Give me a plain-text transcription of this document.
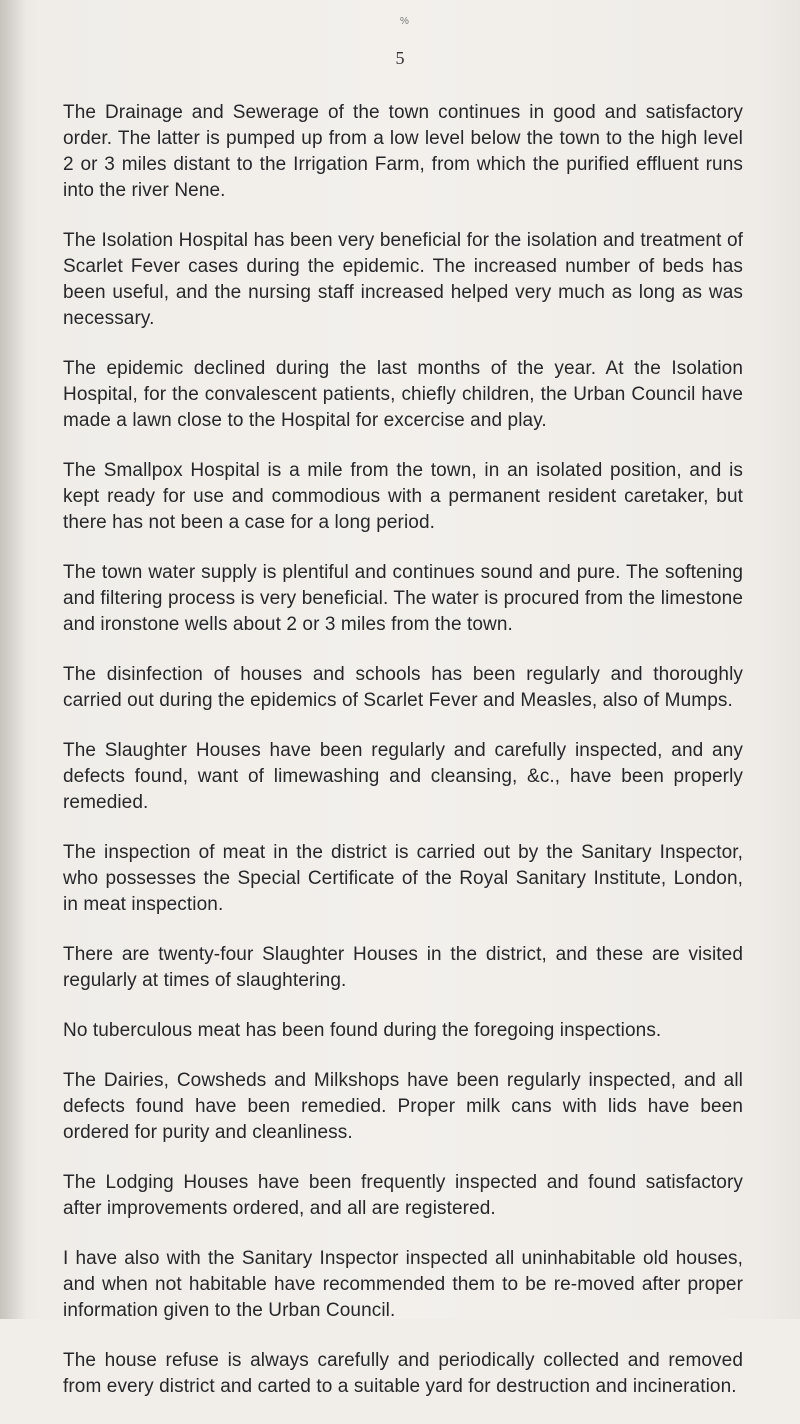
%
5

The Drainage and Sewerage of the town continues in good and satisfactory order. The latter is pumped up from a low level below the town to the high level 2 or 3 miles distant to the Irrigation Farm, from which the purified effluent runs into the river Nene.

The Isolation Hospital has been very beneficial for the isolation and treatment of Scarlet Fever cases during the epidemic. The increased number of beds has been useful, and the nursing staff increased helped very much as long as was necessary.

The epidemic declined during the last months of the year. At the Isolation Hospital, for the convalescent patients, chiefly children, the Urban Council have made a lawn close to the Hospital for excercise and play.

The Smallpox Hospital is a mile from the town, in an isolated position, and is kept ready for use and commodious with a permanent resident caretaker, but there has not been a case for a long period.

The town water supply is plentiful and continues sound and pure. The softening and filtering process is very beneficial. The water is procured from the limestone and ironstone wells about 2 or 3 miles from the town.

The disinfection of houses and schools has been regularly and thoroughly carried out during the epidemics of Scarlet Fever and Measles, also of Mumps.

The Slaughter Houses have been regularly and carefully inspected, and any defects found, want of limewashing and cleansing, &c., have been properly remedied.

The inspection of meat in the district is carried out by the Sanitary Inspector, who possesses the Special Certificate of the Royal Sanitary Institute, London, in meat inspection.

There are twenty-four Slaughter Houses in the district, and these are visited regularly at times of slaughtering.

No tuberculous meat has been found during the foregoing inspections.

The Dairies, Cowsheds and Milkshops have been regularly inspected, and all defects found have been remedied. Proper milk cans with lids have been ordered for purity and cleanliness.

The Lodging Houses have been frequently inspected and found satisfactory after improvements ordered, and all are registered.

I have also with the Sanitary Inspector inspected all uninhabitable old houses, and when not habitable have recommended them to be re-moved after proper information given to the Urban Council.

The house refuse is always carefully and periodically collected and removed from every district and carted to a suitable yard for destruction and incineration.
